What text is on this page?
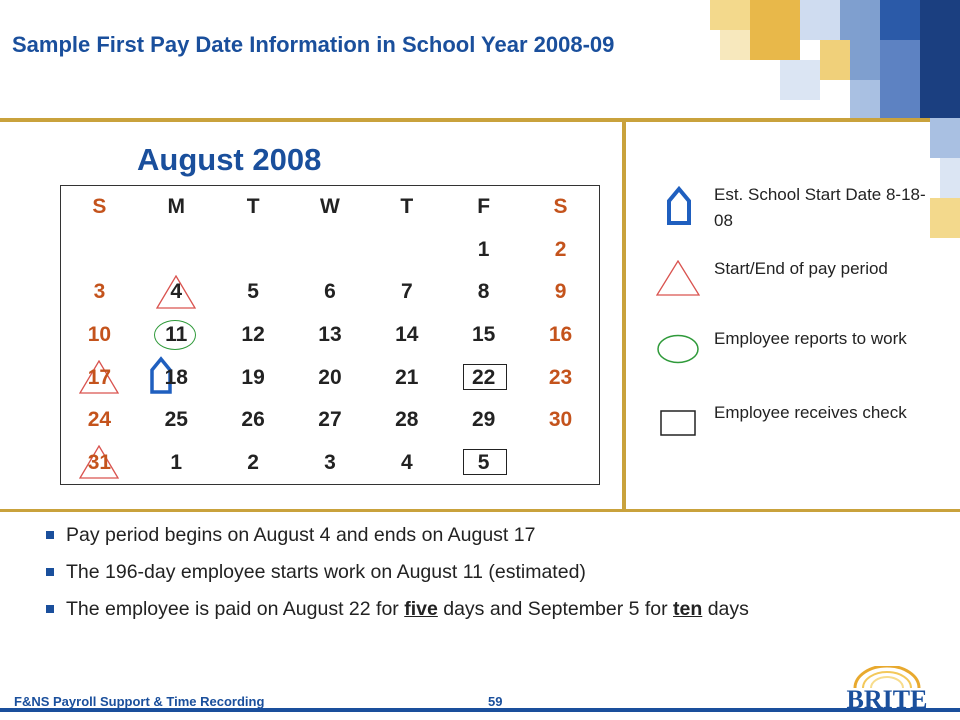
Sample First Pay Date Information in School Year 2008-09
August 2008
S	M	T	W	T	F	S
					1	2
3	4	5	6	7	8	9
10	11	12	13	14	15	16

17	18	19	20	21	22	23
24	25	26	27	28	29	30

31	1	2	3	4	5	
Est. School Start Date 8-18-08
Start/End of pay period
Employee reports to work
Employee receives check
Pay period begins on August 4 and ends on August 17
The 196-day employee starts work on August 11 (estimated)
The employee is paid on August 22 for five days and September 5 for ten days
F&NS Payroll Support & Time Recording	59	BRITE
